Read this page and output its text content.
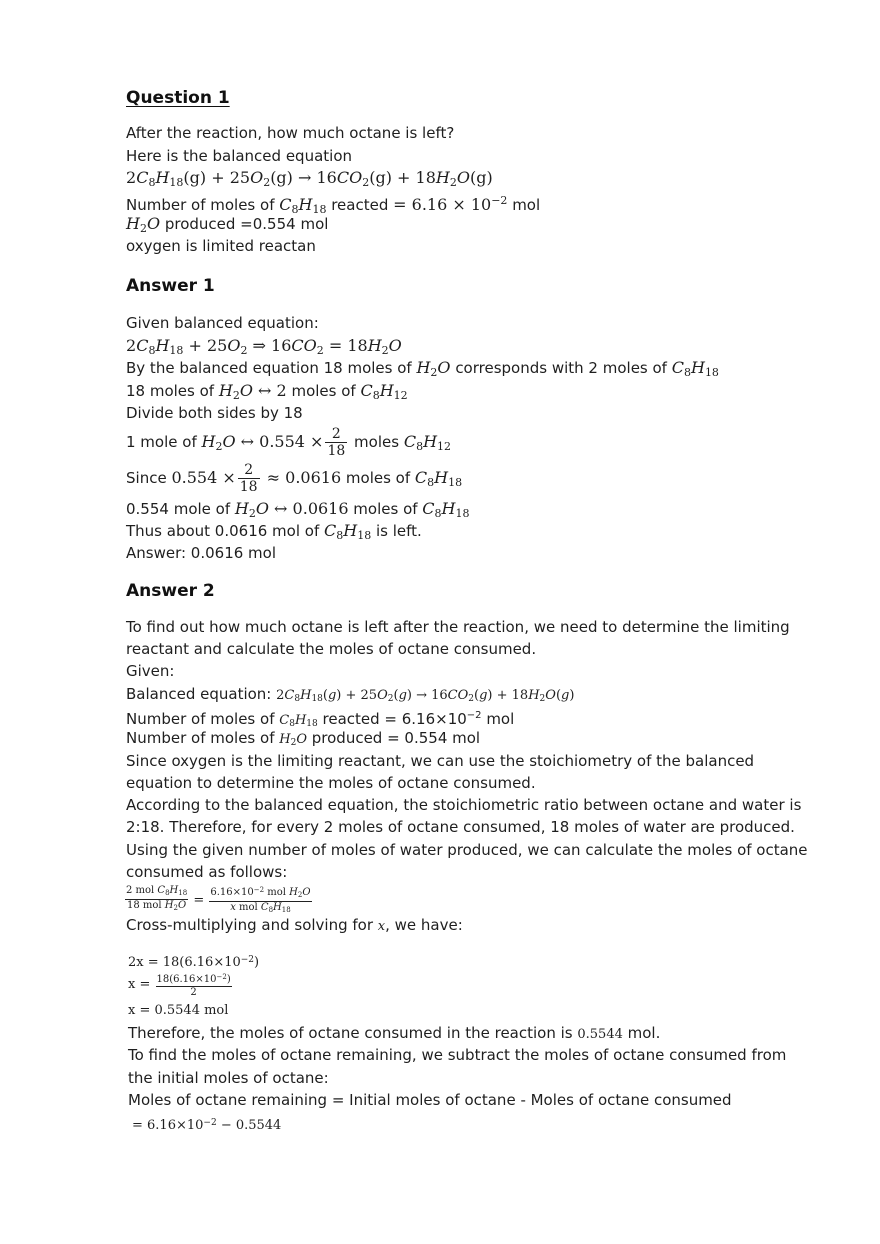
Question 1
After the reaction, how much octane is left?
Here is the balanced equation
$2C_8H_{18}(g) + 25O_2(g) \to 16CO_2(g) + 18H_2O(g)$
Number of moles of $C_8H_{18}$ reacted = $6.16 \times 10^{-2}$ mol
$H_2O$ produced =0.554 mol
oxygen is limited reactan
Answer 1
Given balanced equation:
$2C_8H_{18} + 25O_2$ ⇒ $16CO_2 = 18H_2O$
By the balanced equation 18 moles of $H_2O$ corresponds with 2 moles of $C_8H_{18}$
18 moles of $H_2O$ ↔ 2 moles of $C_8H_{12}$
Divide both sides by 18
1 mole of $H_2O$ ↔ $0.554 \times \frac{2}{18}$ moles $C_8H_{12}$
Since $0.554 \times \frac{2}{18} \approx 0.0616$ moles of $C_8H_{18}$
0.554 mole of $H_2O$ ↔ 0.0616 moles of $C_8H_{18}$
Thus about 0.0616 mol of $C_8H_{18}$ is left.
Answer: 0.0616 mol
Answer 2
To find out how much octane is left after the reaction, we need to determine the limiting
reactant and calculate the moles of octane consumed.
Given:
Balanced equation: $2C_8H_{18}(g) + 25O_2(g) \to 16CO_2(g) + 18H_2O(g)$
Number of moles of $C_8H_{18}$ reacted = $6.16\times 10^{-2}$ mol
Number of moles of $H_2O$ produced = 0.554 mol
Since oxygen is the limiting reactant, we can use the stoichiometry of the balanced
equation to determine the moles of octane consumed.
According to the balanced equation, the stoichiometric ratio between octane and water is
2:18. Therefore, for every 2 moles of octane consumed, 18 moles of water are produced.
Using the given number of moles of water produced, we can calculate the moles of octane
consumed as follows:
$\frac{2 mol C_8H_{18}}{18 mol H_2O} = \frac{6.16\times 10^{-2} mol H_2O}{x mol C_8H_{18}}$
Cross-multiplying and solving for x, we have:
$2x = 18(6.16\times 10^{-2})$
$x = \frac{18(6.16\times 10^{-2})}{2}$
x = 0.5544 mol
Therefore, the moles of octane consumed in the reaction is 0.5544 mol.
To find the moles of octane remaining, we subtract the moles of octane consumed from
the initial moles of octane:
Moles of octane remaining = Initial moles of octane - Moles of octane consumed
= $6.16\times 10^{-2} - 0.5544$
